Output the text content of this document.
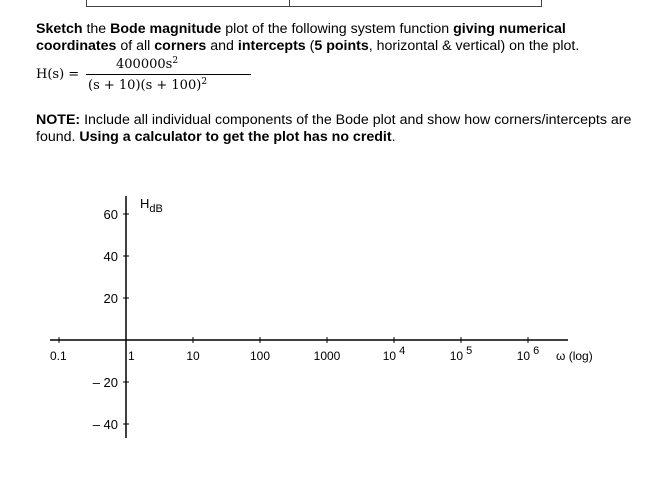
Sketch the Bode magnitude plot of the following system function giving numerical coordinates of all corners and intercepts (5 points, horizontal & vertical) on the plot.
H(s) =
$400000s^2$
$(s + 10)(s + 100)^2$
NOTE: Include all individual components of the Bode plot and show how corners/intercepts are found. Using a calculator to get the plot has no credit.
60
40
20
– 20
– 40
0.1	1	10	100	1000	10 4	10 5	10 6
$H_{dB}$
ω (log)
